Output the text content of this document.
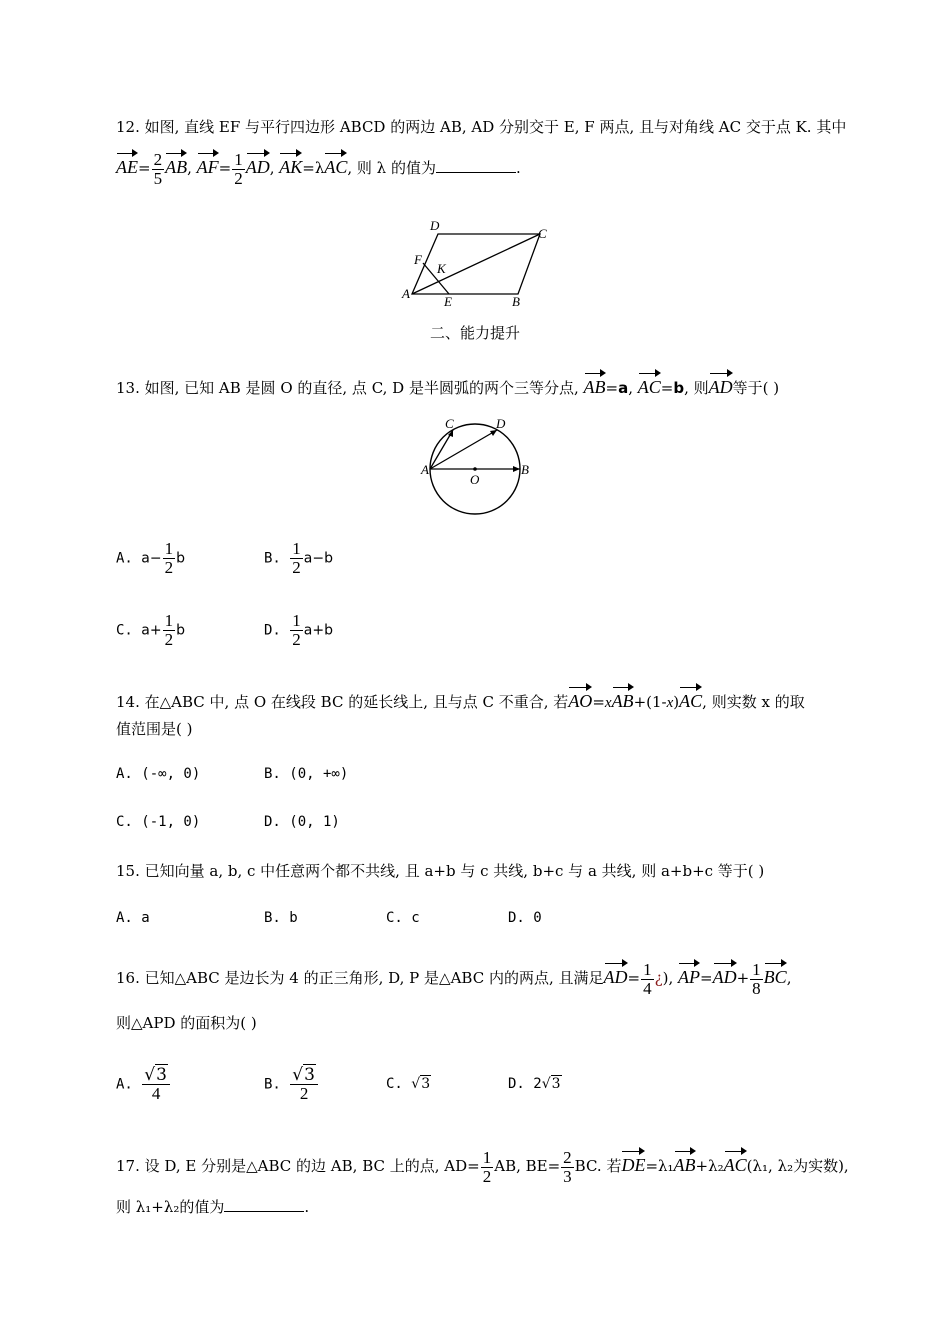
12. 如图, 直线 EF 与平行四边形 ABCD 的两边 AB, AD 分别交于 E, F 两点, 且与对角线 AC 交于点 K. 其中
$AE= \frac{2}{5}$ AB, $AF= \frac{1}{2}$ AD, AK=λAC, 则 λ 的值为	.
D
C
F
K
A
E	B
二、能力提升
13. 如图, 已知 AB 是圆 O 的直径, 点 C, D 是半圆弧的两个三等分点, AB=a, AC=b, 则AD等于( )
C	D
A
O
B
A. $a- \frac{1}{2}$ b	B. $\frac{1}{2} a-b$
C. $a+ \frac{1}{2}$ b	D. $\frac{1}{2} a+b$
14. 在△ABC 中, 点 O 在线段 BC 的延长线上, 且与点 C 不重合, 若AO=xAB+(1-x)AC, 则实数 x 的取
值范围是( )
A. (-∞, 0)	B. (0, +∞)
C. (-1, 0)	D. (0, 1)
15. 已知向量 a, b, c 中任意两个都不共线, 且 a+b 与 c 共线, b+c 与 a 共线, 则 a+b+c 等于( )
A. a	B. b	C. c	D. 0
16. 已知△ABC 是边长为 4 的正三角形, D, P 是△ABC 内的两点, 且满足$AD= \frac{1}{4}$ ¿), $AP=AD+ \frac{1}{8}$ BC,
则△APD 的面积为( )
A. $\frac{√3}{4}$	B. $\frac{√3}{2}$	C. √3	D. 2√3
17. 设 D, E 分别是△ABC 的边 AB, BC 上的点, $AD= \frac{1}{2}$ AB, $BE= \frac{2}{3}$ BC. 若DE=λ₁AB+λ₂AC(λ₁, λ₂为实数),
则 λ₁+λ₂的值为	.
